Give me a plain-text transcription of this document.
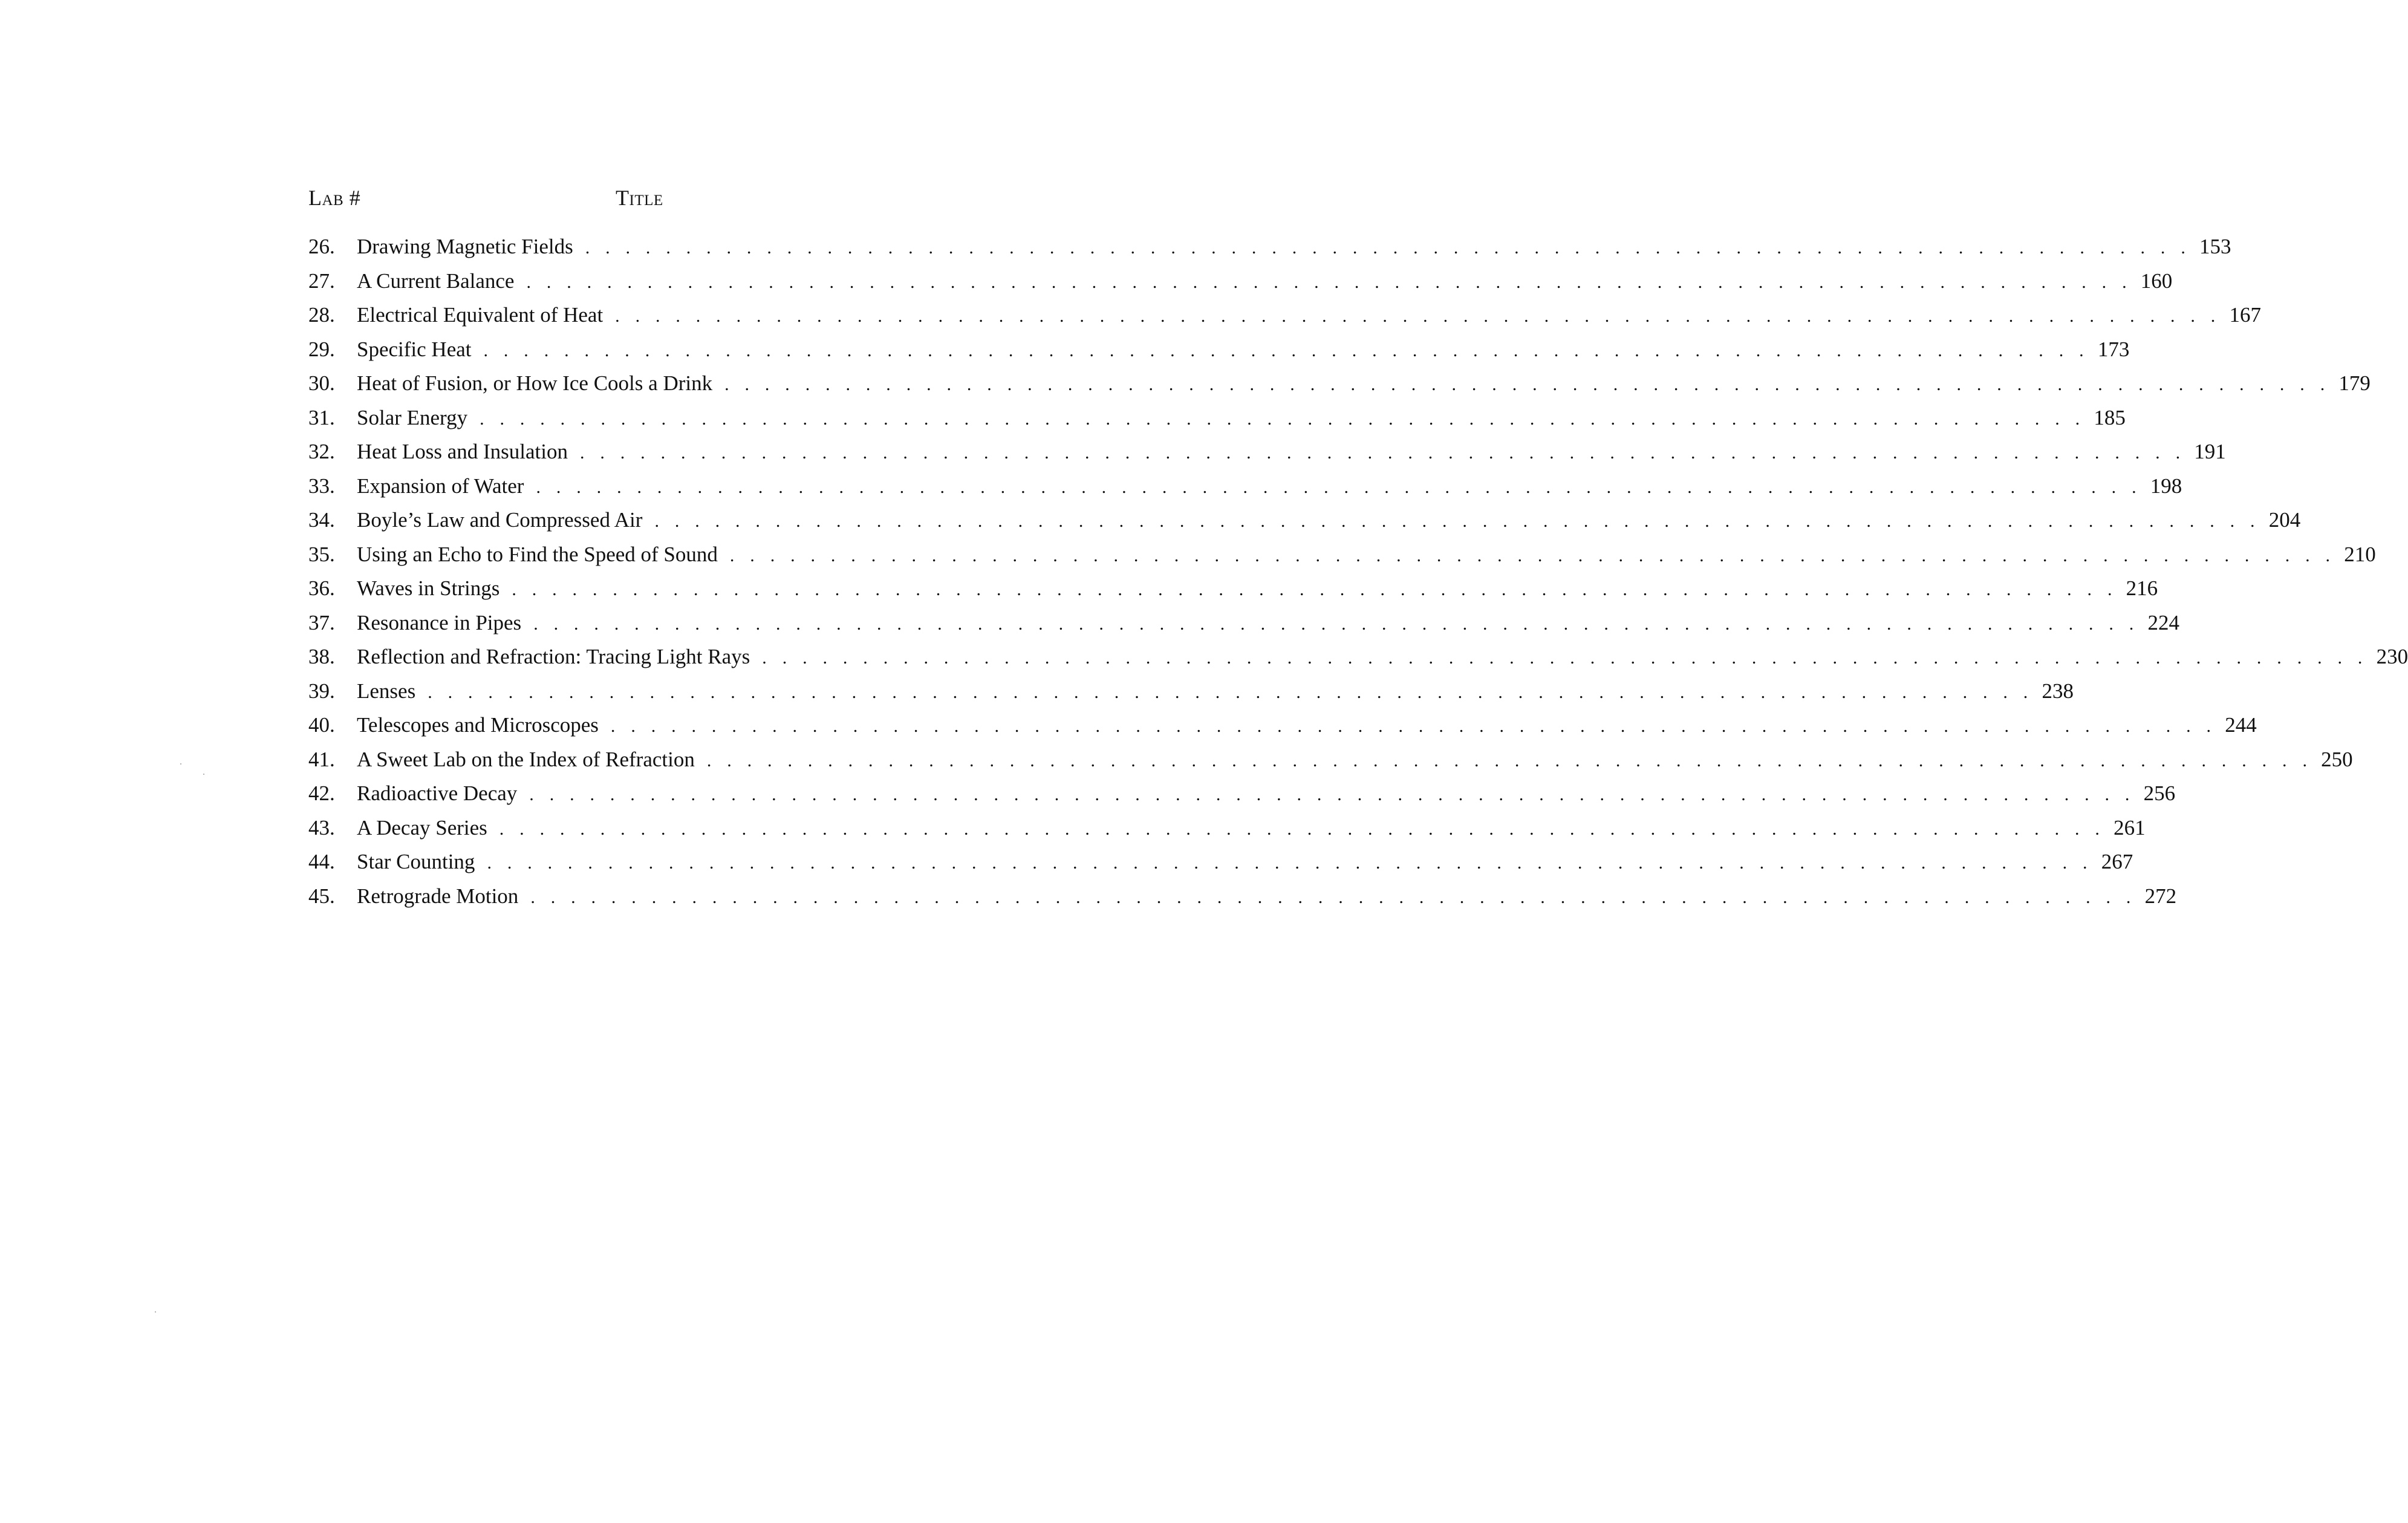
Lab #	Title
26.	Drawing Magnetic Fields . . . . . . . . . . . . . . . . . . . . . . . . . . . . . . . . . . . . . . . . . . . . . . . . . . . . . . . . . . . . . . . . . . . . . . . . . . . . . . . . 153
27.	A Current Balance . . . . . . . . . . . . . . . . . . . . . . . . . . . . . . . . . . . . . . . . . . . . . . . . . . . . . . . . . . . . . . . . . . . . . . . . . . . . . . . . 160
28.	Electrical Equivalent of Heat . . . . . . . . . . . . . . . . . . . . . . . . . . . . . . . . . . . . . . . . . . . . . . . . . . . . . . . . . . . . . . . . . . . . . . . . . . . . . . . . 167
29.	Specific Heat . . . . . . . . . . . . . . . . . . . . . . . . . . . . . . . . . . . . . . . . . . . . . . . . . . . . . . . . . . . . . . . . . . . . . . . . . . . . . . . . 173
30.	Heat of Fusion, or How Ice Cools a Drink . . . . . . . . . . . . . . . . . . . . . . . . . . . . . . . . . . . . . . . . . . . . . . . . . . . . . . . . . . . . . . . . . . . . . . . . . . . . . . . . 179
31.	Solar Energy . . . . . . . . . . . . . . . . . . . . . . . . . . . . . . . . . . . . . . . . . . . . . . . . . . . . . . . . . . . . . . . . . . . . . . . . . . . . . . . . 185
32.	Heat Loss and Insulation . . . . . . . . . . . . . . . . . . . . . . . . . . . . . . . . . . . . . . . . . . . . . . . . . . . . . . . . . . . . . . . . . . . . . . . . . . . . . . . . 191
33.	Expansion of Water . . . . . . . . . . . . . . . . . . . . . . . . . . . . . . . . . . . . . . . . . . . . . . . . . . . . . . . . . . . . . . . . . . . . . . . . . . . . . . . . 198
34.	Boyle’s Law and Compressed Air . . . . . . . . . . . . . . . . . . . . . . . . . . . . . . . . . . . . . . . . . . . . . . . . . . . . . . . . . . . . . . . . . . . . . . . . . . . . . . . . 204
35.	Using an Echo to Find the Speed of Sound . . . . . . . . . . . . . . . . . . . . . . . . . . . . . . . . . . . . . . . . . . . . . . . . . . . . . . . . . . . . . . . . . . . . . . . . . . . . . . . . 210
36.	Waves in Strings . . . . . . . . . . . . . . . . . . . . . . . . . . . . . . . . . . . . . . . . . . . . . . . . . . . . . . . . . . . . . . . . . . . . . . . . . . . . . . . . 216
37.	Resonance in Pipes . . . . . . . . . . . . . . . . . . . . . . . . . . . . . . . . . . . . . . . . . . . . . . . . . . . . . . . . . . . . . . . . . . . . . . . . . . . . . . . . 224
38.	Reflection and Refraction: Tracing Light Rays . . . . . . . . . . . . . . . . . . . . . . . . . . . . . . . . . . . . . . . . . . . . . . . . . . . . . . . . . . . . . . . . . . . . . . . . . . . . . . . . 230
39.	Lenses . . . . . . . . . . . . . . . . . . . . . . . . . . . . . . . . . . . . . . . . . . . . . . . . . . . . . . . . . . . . . . . . . . . . . . . . . . . . . . . . 238
40.	Telescopes and Microscopes . . . . . . . . . . . . . . . . . . . . . . . . . . . . . . . . . . . . . . . . . . . . . . . . . . . . . . . . . . . . . . . . . . . . . . . . . . . . . . . . 244
41.	A Sweet Lab on the Index of Refraction . . . . . . . . . . . . . . . . . . . . . . . . . . . . . . . . . . . . . . . . . . . . . . . . . . . . . . . . . . . . . . . . . . . . . . . . . . . . . . . . 250
42.	Radioactive Decay . . . . . . . . . . . . . . . . . . . . . . . . . . . . . . . . . . . . . . . . . . . . . . . . . . . . . . . . . . . . . . . . . . . . . . . . . . . . . . . . 256
43.	A Decay Series . . . . . . . . . . . . . . . . . . . . . . . . . . . . . . . . . . . . . . . . . . . . . . . . . . . . . . . . . . . . . . . . . . . . . . . . . . . . . . . . 261
44.	Star Counting . . . . . . . . . . . . . . . . . . . . . . . . . . . . . . . . . . . . . . . . . . . . . . . . . . . . . . . . . . . . . . . . . . . . . . . . . . . . . . . . 267
45.	Retrograde Motion . . . . . . . . . . . . . . . . . . . . . . . . . . . . . . . . . . . . . . . . . . . . . . . . . . . . . . . . . . . . . . . . . . . . . . . . . . . . . . . . 272
